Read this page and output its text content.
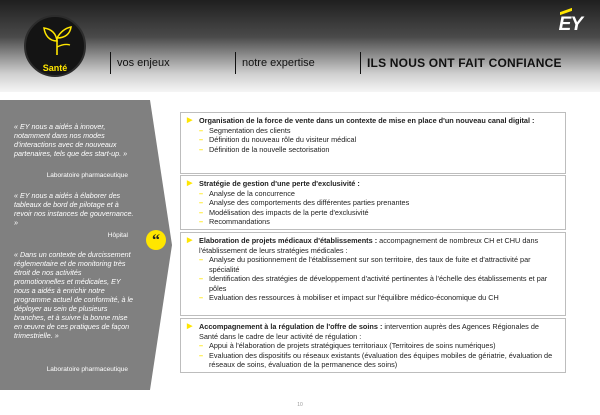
Santé	vos enjeux	notre expertise	ILS NOUS ONT FAIT CONFIANCE
EY
« EY nous a aidés à innover, notamment dans nos modes d'interactions avec de nouveaux partenaires, tels que des start-up. »
Laboratoire pharmaceutique
« EY nous a aidés à élaborer des tableaux de bord de pilotage et à revoir nos instances de gouvernance. »
Hôpital
« Dans un contexte de durcissement réglementaire et de monitoring très étroit de nos activités promotionnelles et médicales, EY nous a aidés à enrichir notre programme actuel de conformité, à le déployer au sein de plusieurs branches, et à suivre la bonne mise en œuvre de ces pratiques de façon trimestrielle. »
Laboratoire pharmaceutique
“
▶ Organisation de la force de vente dans un contexte de mise en place d'un nouveau canal digital :
– Segmentation des clients
– Définition du nouveau rôle du visiteur médical
– Définition de la nouvelle sectorisation
▶ Stratégie de gestion d'une perte d'exclusivité :
– Analyse de la concurrence
– Analyse des comportements des différentes parties prenantes
– Modélisation des impacts de la perte d'exclusivité
– Recommandations
▶ Elaboration de projets médicaux d'établissements : accompagnement de nombreux CH et CHU dans l'établissement de leurs stratégies médicales :
– Analyse du positionnement de l'établissement sur son territoire, des taux de fuite et d'attractivité par spécialité
– Identification des stratégies de développement d'activité pertinentes à l'échelle des établissements et par pôles
– Evaluation des ressources à mobiliser et impact sur l'équilibre médico-économique du CH
▶ Accompagnement à la régulation de l'offre de soins : intervention auprès des Agences Régionales de Santé dans le cadre de leur activité de régulation :
– Appui à l'élaboration de projets stratégiques territoriaux (Territoires de soins numériques)
– Evaluation des dispositifs ou réseaux existants (évaluation des équipes mobiles de gériatrie, évaluation de réseaux de soins, évaluation de la permanence des soins)
10
